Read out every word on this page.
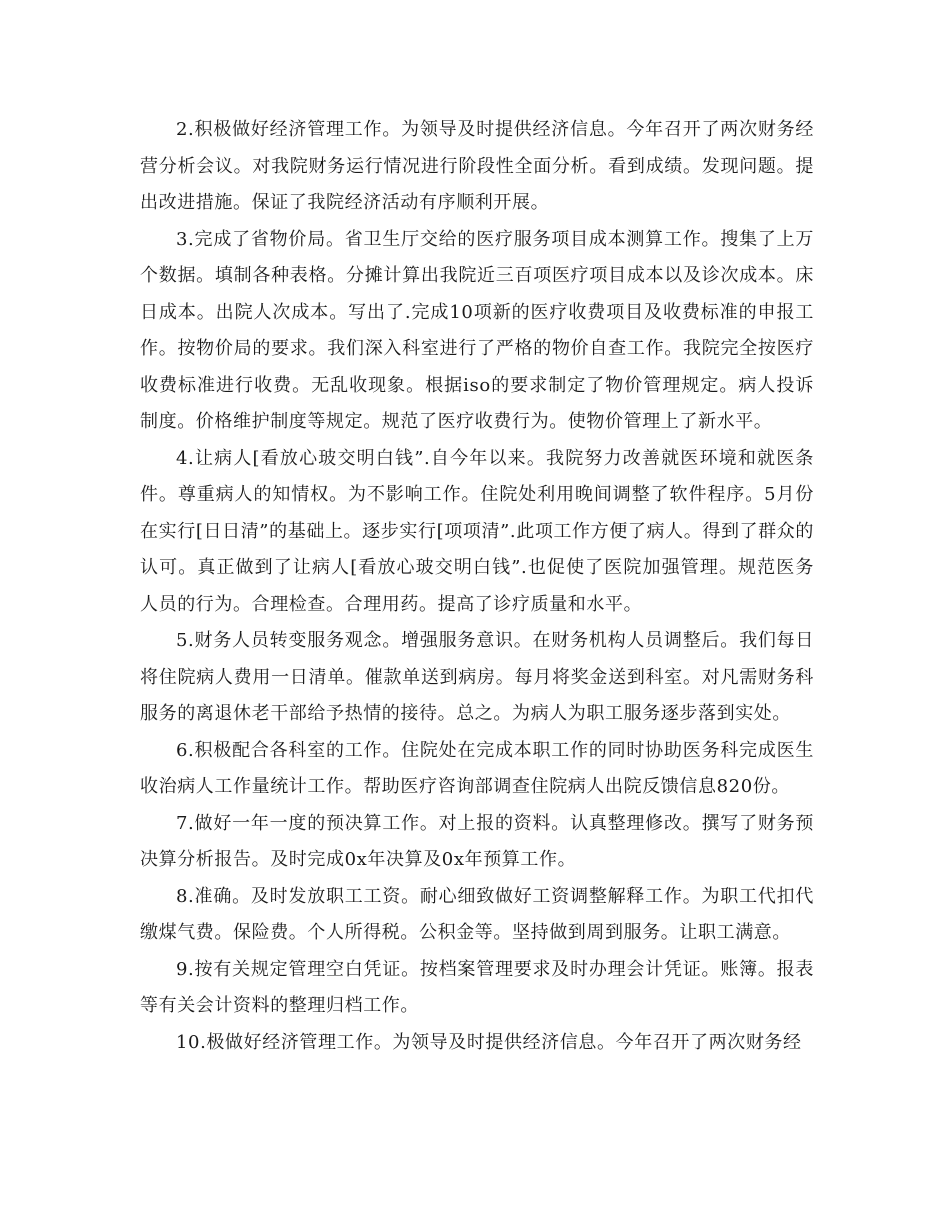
2.积极做好经济管理工作。为领导及时提供经济信息。今年召开了两次财务经营分析会议。对我院财务运行情况进行阶段性全面分析。看到成绩。发现问题。提出改进措施。保证了我院经济活动有序顺利开展。

3.完成了省物价局。省卫生厅交给的医疗服务项目成本测算工作。搜集了上万个数据。填制各种表格。分摊计算出我院近三百项医疗项目成本以及诊次成本。床日成本。出院人次成本。写出了.完成10项新的医疗收费项目及收费标准的申报工作。按物价局的要求。我们深入科室进行了严格的物价自查工作。我院完全按医疗收费标准进行收费。无乱收现象。根据iso的要求制定了物价管理规定。病人投诉制度。价格维护制度等规定。规范了医疗收费行为。使物价管理上了新水平。

4.让病人[看放心玻交明白钱”.自今年以来。我院努力改善就医环境和就医条件。尊重病人的知情权。为不影响工作。住院处利用晚间调整了软件程序。5月份在实行[日日清”的基础上。逐步实行[项项清”.此项工作方便了病人。得到了群众的认可。真正做到了让病人[看放心玻交明白钱”.也促使了医院加强管理。规范医务人员的行为。合理检查。合理用药。提高了诊疗质量和水平。

5.财务人员转变服务观念。增强服务意识。在财务机构人员调整后。我们每日将住院病人费用一日清单。催款单送到病房。每月将奖金送到科室。对凡需财务科服务的离退休老干部给予热情的接待。总之。为病人为职工服务逐步落到实处。

6.积极配合各科室的工作。住院处在完成本职工作的同时协助医务科完成医生收治病人工作量统计工作。帮助医疗咨询部调查住院病人出院反馈信息820份。

7.做好一年一度的预决算工作。对上报的资料。认真整理修改。撰写了财务预决算分析报告。及时完成0x年决算及0x年预算工作。

8.准确。及时发放职工工资。耐心细致做好工资调整解释工作。为职工代扣代缴煤气费。保险费。个人所得税。公积金等。坚持做到周到服务。让职工满意。

9.按有关规定管理空白凭证。按档案管理要求及时办理会计凭证。账簿。报表等有关会计资料的整理归档工作。

10.极做好经济管理工作。为领导及时提供经济信息。今年召开了两次财务经
